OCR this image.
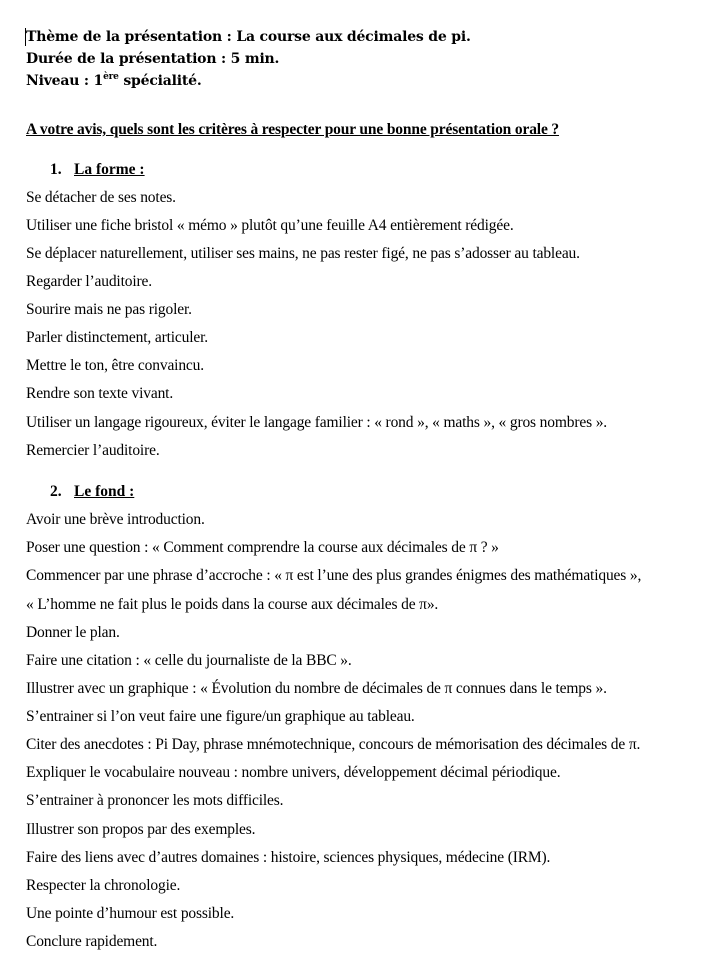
Thème de la présentation : La course aux décimales de pi.
Durée de la présentation : 5 min.
Niveau : 1ère spécialité.
A votre avis, quels sont les critères à respecter pour une bonne présentation orale ?
1. La forme :
Se détacher de ses notes.
Utiliser une fiche bristol « mémo » plutôt qu’une feuille A4 entièrement rédigée.
Se déplacer naturellement, utiliser ses mains, ne pas rester figé, ne pas s’adosser au tableau.
Regarder l’auditoire.
Sourire mais ne pas rigoler.
Parler distinctement, articuler.
Mettre le ton, être convaincu.
Rendre son texte vivant.
Utiliser un langage rigoureux, éviter le langage familier : « rond », « maths », « gros nombres ».
Remercier l’auditoire.
2. Le fond :
Avoir une brève introduction.
Poser une question : « Comment comprendre la course aux décimales de π ? »
Commencer par une phrase d’accroche : « π est l’une des plus grandes énigmes des mathématiques »,
« L’homme ne fait plus le poids dans la course aux décimales de π».
Donner le plan.
Faire une citation : « celle du journaliste de la BBC ».
Illustrer avec un graphique : « Évolution du nombre de décimales de π connues dans le temps ».
S’entrainer si l’on veut faire une figure/un graphique au tableau.
Citer des anecdotes : Pi Day, phrase mnémotechnique, concours de mémorisation des décimales de π.
Expliquer le vocabulaire nouveau : nombre univers, développement décimal périodique.
S’entrainer à prononcer les mots difficiles.
Illustrer son propos par des exemples.
Faire des liens avec d’autres domaines : histoire, sciences physiques, médecine (IRM).
Respecter la chronologie.
Une pointe d’humour est possible.
Conclure rapidement.
